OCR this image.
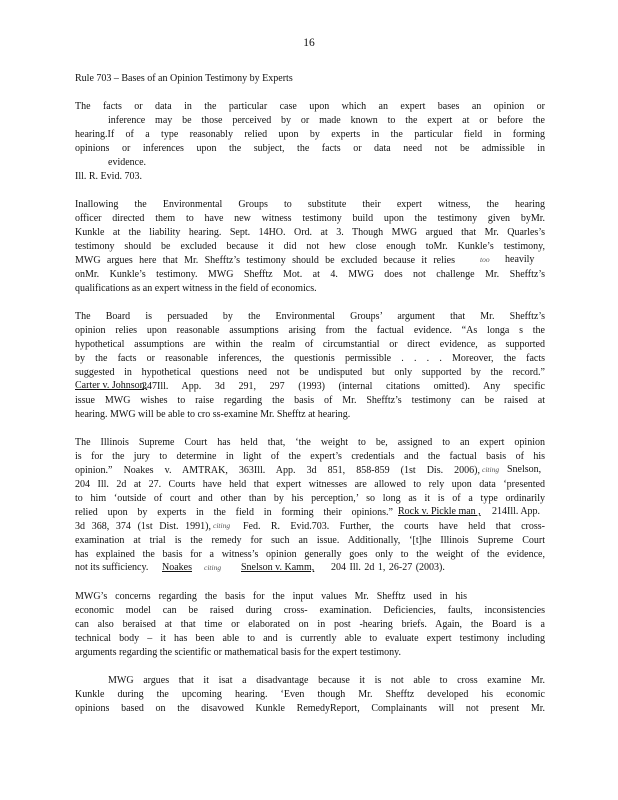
16
Rule 703 – Bases of an Opinion Testimony by Experts
The facts or data in the particular case upon which an expert bases an opinion or
inference may be those perceived by or made known to the expert at or before the
hearing.If of a type reasonably relied upon by experts in the particular field in forming
opinions or inferences upon the subject, the facts or data need not be admissible in
evidence.
Ill. R. Evid. 703.
Inallowing the Environmental Groups to substitute their expert witness, the hearing
officer directed them to have new witness testimony build upon the testimony given byMr.
Kunkle at the liability hearing. Sept. 14HO. Ord. at 3. Though MWG argued that Mr. Quarles’s
testimony should be excluded because it did not hew close enough toMr. Kunkle’s testimony,
MWG argues here that Mr. Shefftz’s testimony should be excluded because it relies	too heavily
onMr. Kunkle’s testimony. MWG Shefftz Mot. at 4. MWG does not challenge Mr. Shefftz’s
qualifications as an expert witness in the field of economics.
The Board is persuaded by the Environmental Groups’ argument that Mr. Shefftz’s
opinion relies upon reasonable assumptions arising from the factual evidence. “As longa s the
hypothetical assumptions are within the realm of circumstantial or direct evidence, as supported
by the facts or reasonable inferences, the questionis permissible . . . . Moreover, the facts
suggested in hypothetical questions need not be undisputed but only supported by the record.”
Carter v. Johnson,
247Ill. App. 3d 291, 297 (1993) (internal citations omitted). Any specific
issue MWG wishes to raise regarding the basis of Mr. Shefftz’s testimony can be raised at
hearing. MWG will be able to cro ss-examine Mr. Shefftz at hearing.
The Illinois Supreme Court has held that, ‘the weight to be, assigned to an expert opinion
is for the jury to determine in light of the expert’s credentials and the factual basis of his
opinion.” Noakes v. AMTRAK, 363Ill. App. 3d 851, 858-859 (1st Dis. 2006), citing Snelson,
204 Ill. 2d at 27. Courts have held that expert witnesses are allowed to rely upon data ‘presented
to him ‘outside of court and other than by his perception,’ so long as it is of a type ordinarily
relied upon by experts in the field in forming their opinions.” Rock v. Pickle man , 214Ill. App.
3d 368, 374 (1st Dist. 1991), citing Fed. R. Evid.703. Further, the courts have held that cross-
examination at trial is the remedy for such an issue. Additionally, ‘[t]he Illinois Supreme Court
has explained the basis for a witness’s opinion generally goes only to the weight of the evidence,
not its sufficiency. Noakes citing Snelson v. Kamm, 204 Ill. 2d 1, 26-27 (2003).
MWG’s concerns regarding the basis for the input values Mr. Shefftz used in his
economic model can be raised during cross- examination. Deficiencies, faults, inconsistencies
can also beraised at that time or elaborated on in post -hearing briefs. Again, the Board is a
technical body – it has been able to and is currently able to evaluate expert testimony including
arguments regarding the scientific or mathematical basis for the expert testimony.
MWG argues that it isat a disadvantage because it is not able to cross examine Mr.
Kunkle during the upcoming hearing. ‘Even though Mr. Shefftz developed his economic
opinions based on the disavowed Kunkle RemedyReport, Complainants will not present Mr.
